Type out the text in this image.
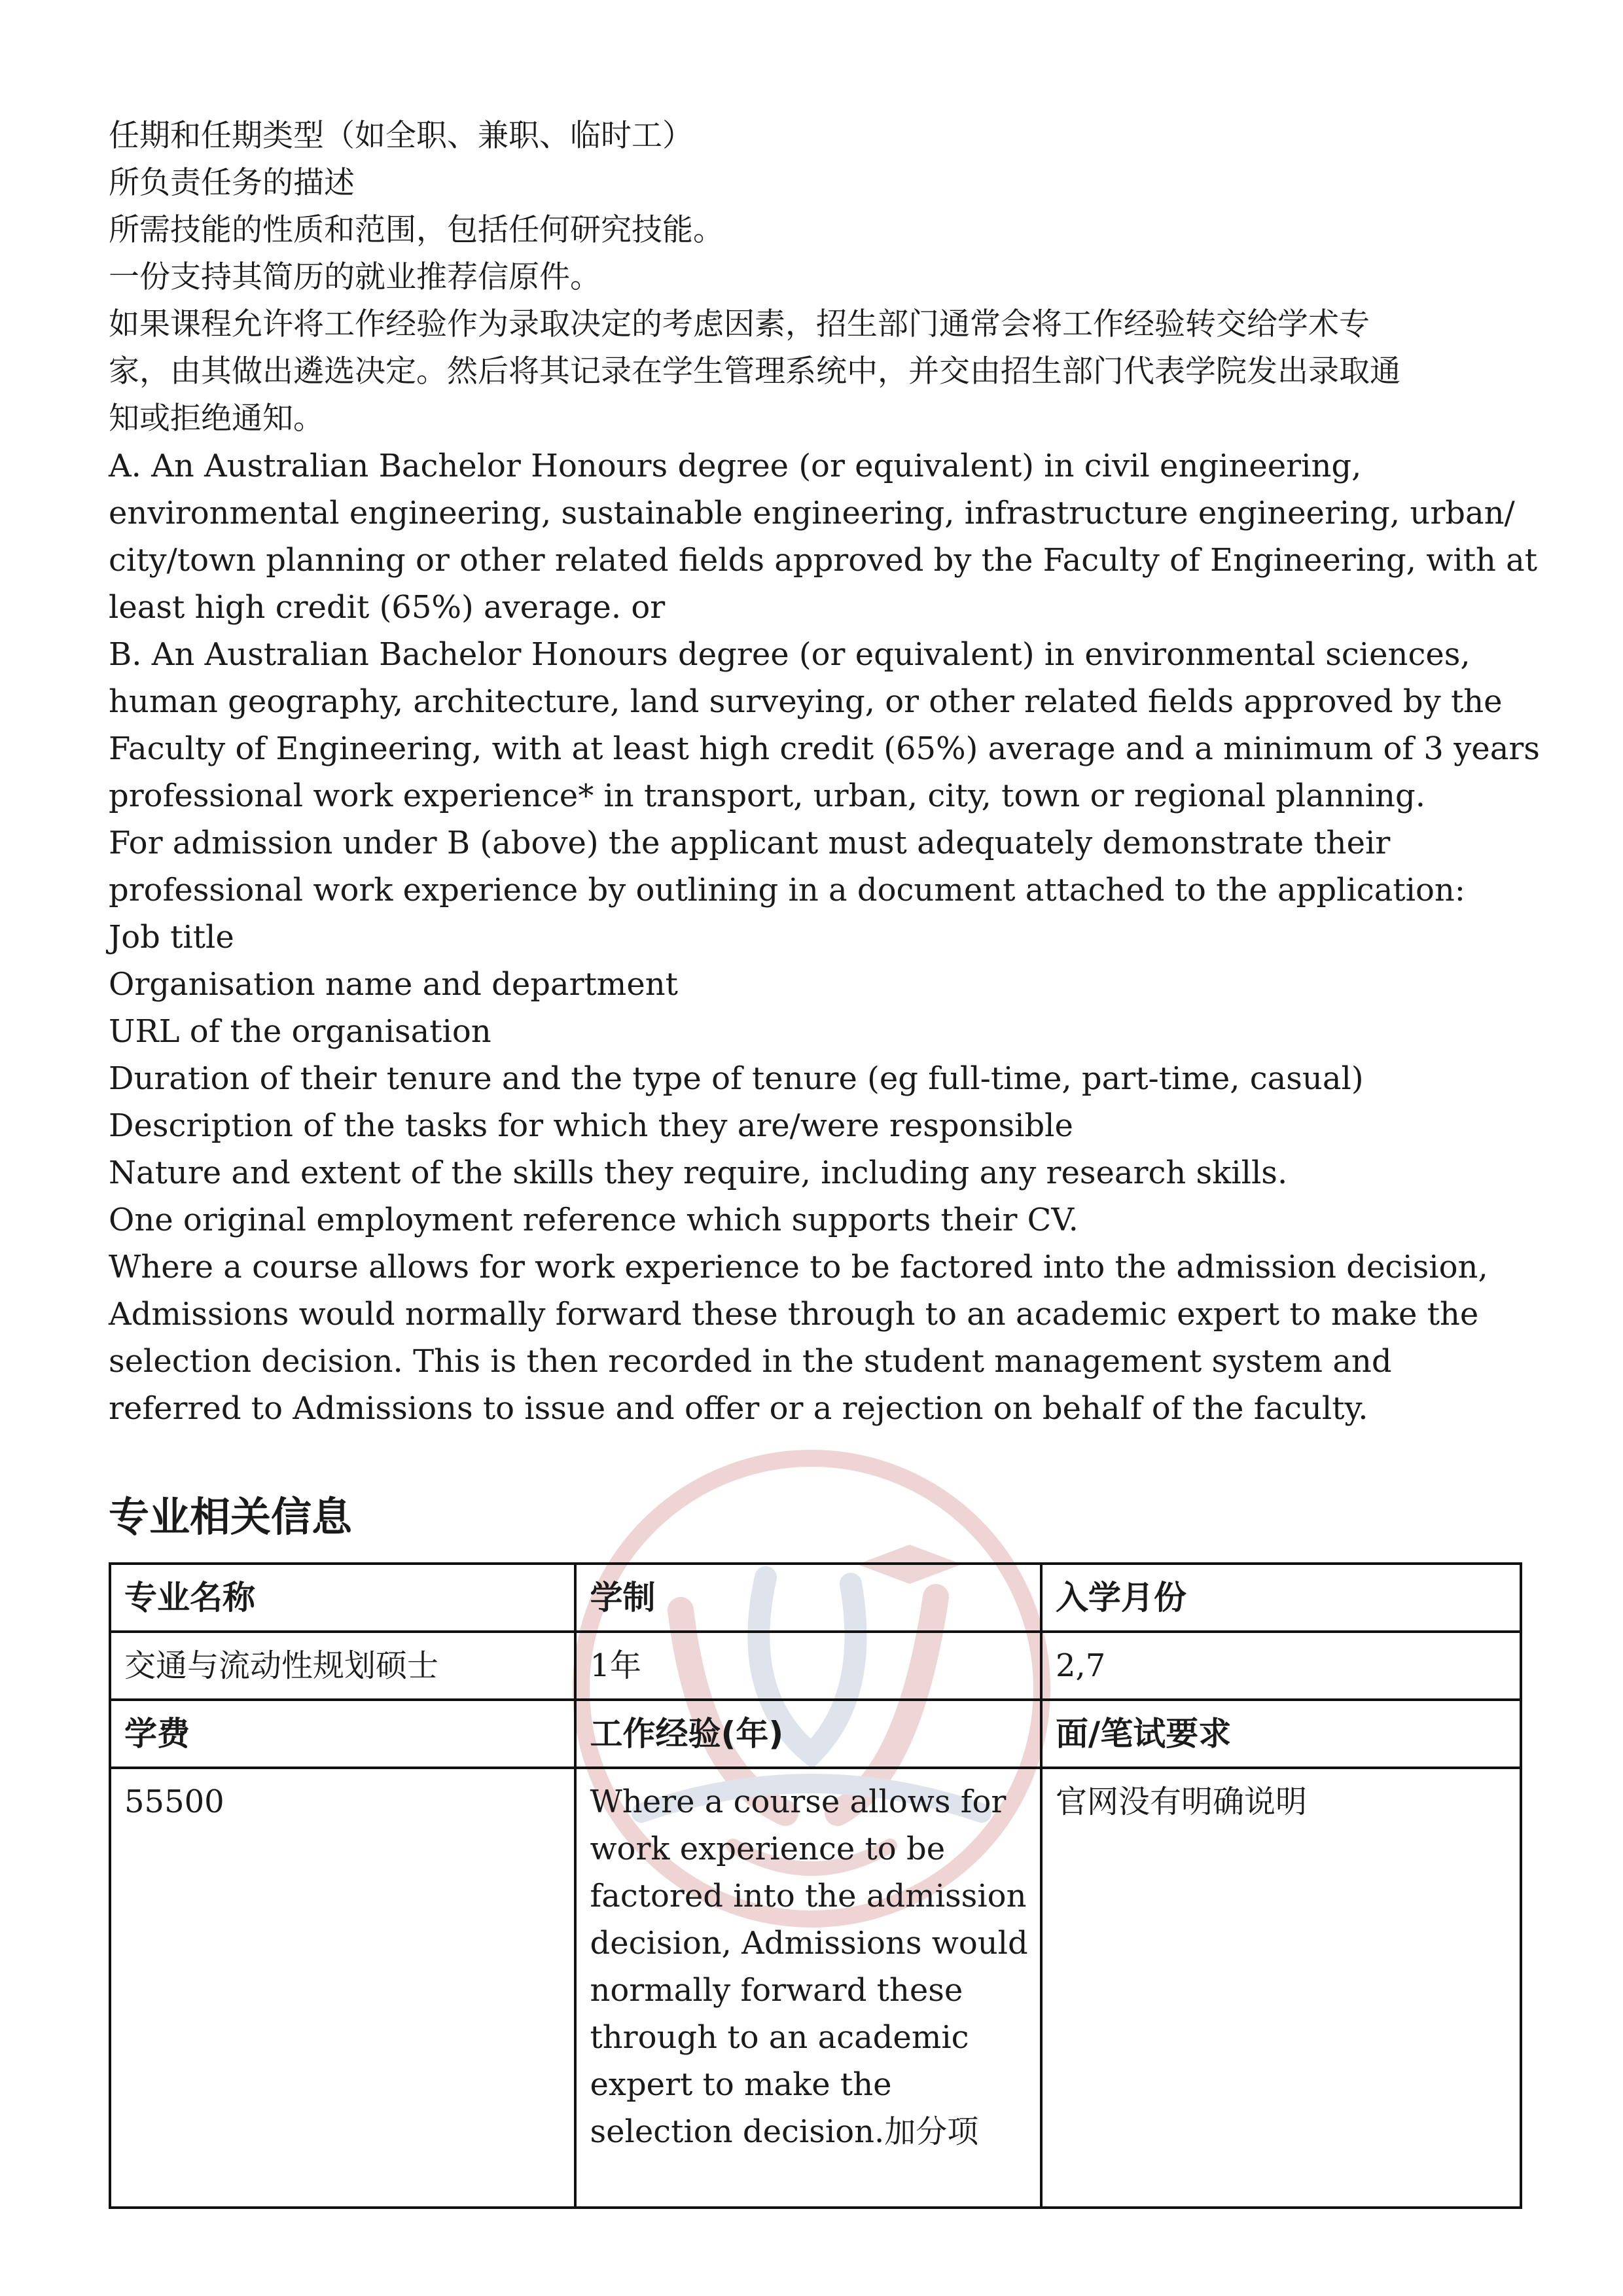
任期和任期类型（如全职、兼职、临时工）
所负责任务的描述
所需技能的性质和范围，包括任何研究技能。
一份支持其简历的就业推荐信原件。
如果课程允许将工作经验作为录取决定的考虑因素，招生部门通常会将工作经验转交给学术专
家，由其做出遴选决定。然后将其记录在学生管理系统中，并交由招生部门代表学院发出录取通
知或拒绝通知。
A. An Australian Bachelor Honours degree (or equivalent) in civil engineering,
environmental engineering, sustainable engineering, infrastructure engineering, urban/
city/town planning or other related fields approved by the Faculty of Engineering, with at
least high credit (65%) average. or
B. An Australian Bachelor Honours degree (or equivalent) in environmental sciences,
human geography, architecture, land surveying, or other related fields approved by the
Faculty of Engineering, with at least high credit (65%) average and a minimum of 3 years
professional work experience* in transport, urban, city, town or regional planning.
For admission under B (above) the applicant must adequately demonstrate their
professional work experience by outlining in a document attached to the application:
Job title
Organisation name and department
URL of the organisation
Duration of their tenure and the type of tenure (eg full-time, part-time, casual)
Description of the tasks for which they are/were responsible
Nature and extent of the skills they require, including any research skills.
One original employment reference which supports their CV.
Where a course allows for work experience to be factored into the admission decision,
Admissions would normally forward these through to an academic expert to make the
selection decision. This is then recorded in the student management system and
referred to Admissions to issue and offer or a rejection on behalf of the faculty.
专业相关信息
专业名称	学制	入学月份
交通与流动性规划硕士	1年	2,7
学费	工作经验(年)	面/笔试要求
55500	Where a course allows for work experience to be factored into the admission decision, Admissions would normally forward these through to an academic expert to make the selection decision.加分项	官网没有明确说明
